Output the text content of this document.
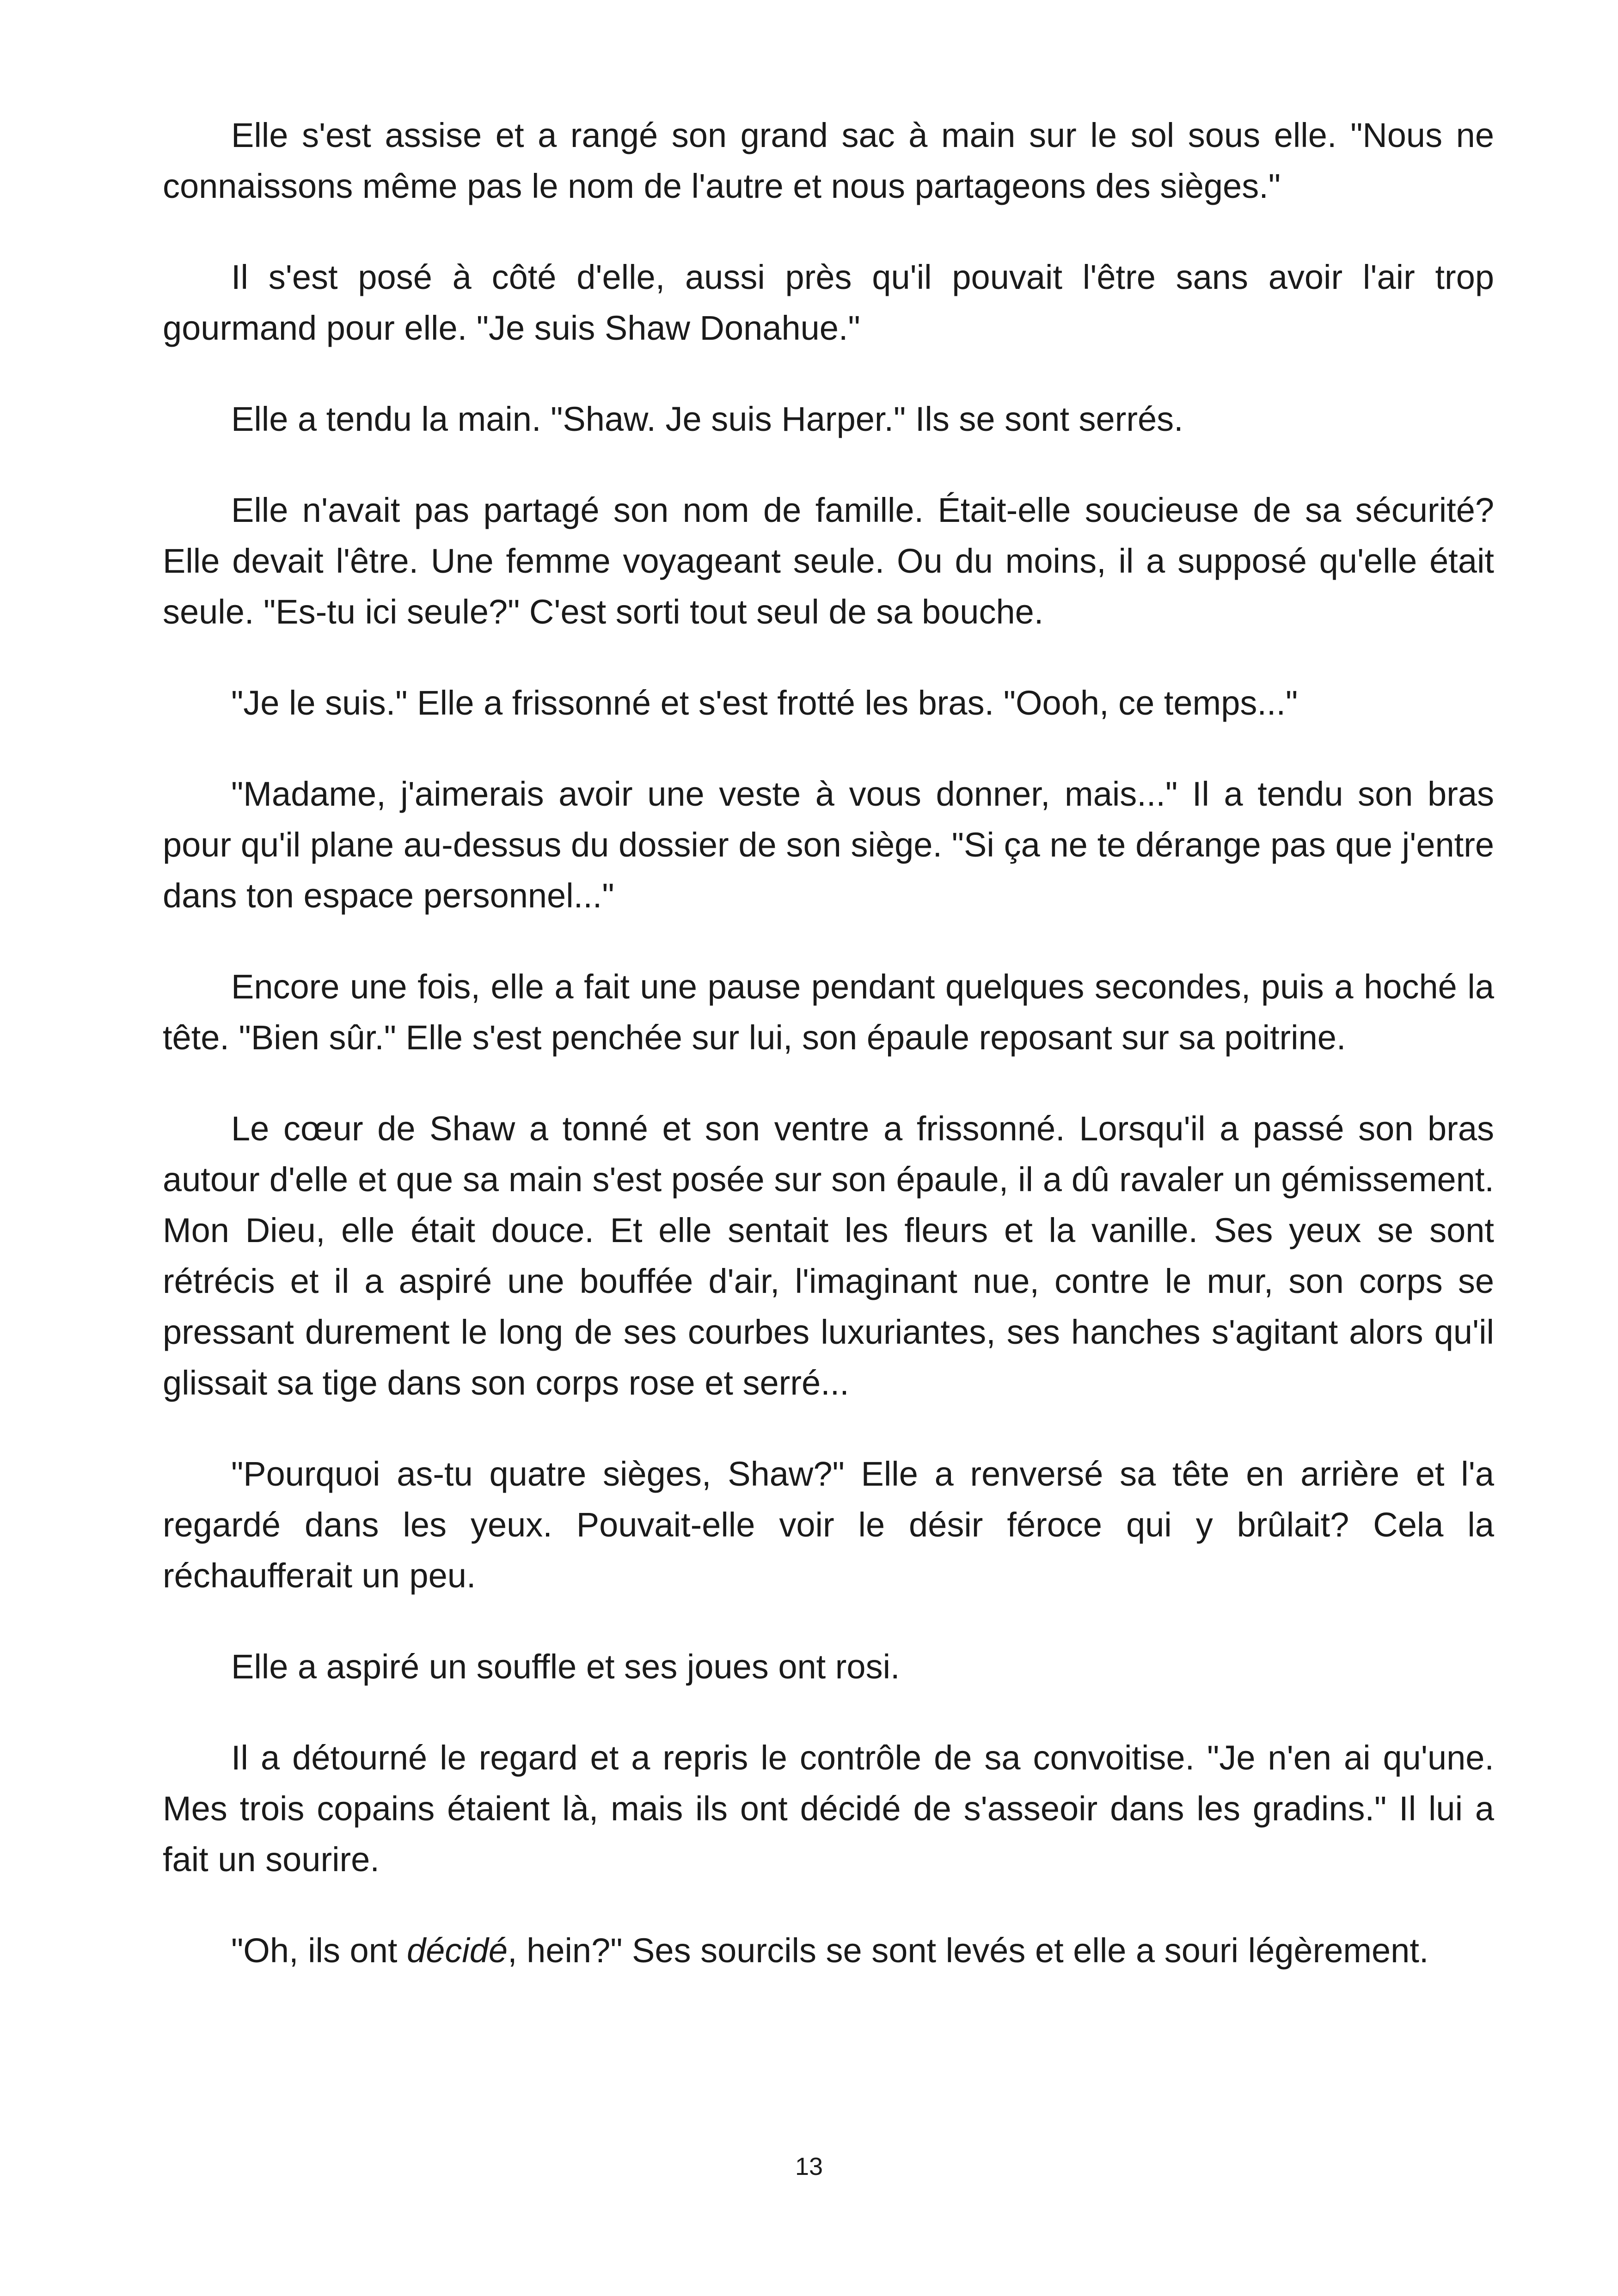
Elle s'est assise et a rangé son grand sac à main sur le sol sous elle. "Nous ne connaissons même pas le nom de l'autre et nous partageons des sièges."

Il s'est posé à côté d'elle, aussi près qu'il pouvait l'être sans avoir l'air trop gourmand pour elle. "Je suis Shaw Donahue."

Elle a tendu la main. "Shaw. Je suis Harper." Ils se sont serrés.

Elle n'avait pas partagé son nom de famille. Était-elle soucieuse de sa sécurité? Elle devait l'être. Une femme voyageant seule. Ou du moins, il a supposé qu'elle était seule. "Es-tu ici seule?" C'est sorti tout seul de sa bouche.

"Je le suis." Elle a frissonné et s'est frotté les bras. "Oooh, ce temps..."

"Madame, j'aimerais avoir une veste à vous donner, mais..." Il a tendu son bras pour qu'il plane au-dessus du dossier de son siège. "Si ça ne te dérange pas que j'entre dans ton espace personnel..."

Encore une fois, elle a fait une pause pendant quelques secondes, puis a hoché la tête. "Bien sûr." Elle s'est penchée sur lui, son épaule reposant sur sa poitrine.

Le cœur de Shaw a tonné et son ventre a frissonné. Lorsqu'il a passé son bras autour d'elle et que sa main s'est posée sur son épaule, il a dû ravaler un gémissement. Mon Dieu, elle était douce. Et elle sentait les fleurs et la vanille. Ses yeux se sont rétrécis et il a aspiré une bouffée d'air, l'imaginant nue, contre le mur, son corps se pressant durement le long de ses courbes luxuriantes, ses hanches s'agitant alors qu'il glissait sa tige dans son corps rose et serré...

"Pourquoi as-tu quatre sièges, Shaw?" Elle a renversé sa tête en arrière et l'a regardé dans les yeux. Pouvait-elle voir le désir féroce qui y brûlait? Cela la réchaufferait un peu.

Elle a aspiré un souffle et ses joues ont rosi.

Il a détourné le regard et a repris le contrôle de sa convoitise. "Je n'en ai qu'une. Mes trois copains étaient là, mais ils ont décidé de s'asseoir dans les gradins." Il lui a fait un sourire.

"Oh, ils ont décidé, hein?" Ses sourcils se sont levés et elle a souri légèrement.

13
